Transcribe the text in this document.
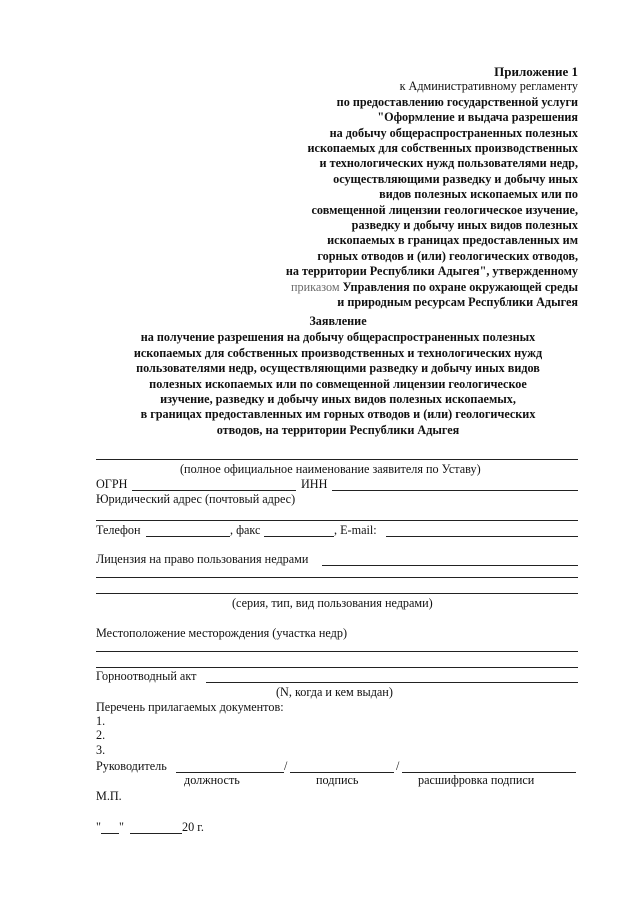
Приложение 1
к Административному регламенту
по предоставлению государственной услуги
"Оформление и выдача разрешения
на добычу общераспространенных полезных
ископаемых для собственных производственных
и технологических нужд пользователями недр,
осуществляющими разведку и добычу иных
видов полезных ископаемых или по
совмещенной лицензии геологическое изучение,
разведку и добычу иных видов полезных
ископаемых в границах предоставленных им
горных отводов и (или) геологических отводов,
на территории Республики Адыгея", утвержденному
приказом Управления по охране окружающей среды
и природным ресурсам Республики Адыгея
Заявление
на получение разрешения на добычу общераспространенных полезных
ископаемых для собственных производственных и технологических нужд
пользователями недр, осуществляющими разведку и добычу иных видов
полезных ископаемых или по совмещенной лицензии геологическое
изучение, разведку и добычу иных видов полезных ископаемых,
в границах предоставленных им горных отводов и (или) геологических
отводов, на территории Республики Адыгея
(полное официальное наименование заявителя по Уставу)
ОГРН	ИНН
Юридический адрес (почтовый адрес)
Телефон	, факс	, E-mail:
Лицензия на право пользования недрами
(серия, тип, вид пользования недрами)
Местоположение месторождения (участка недр)
Горноотводный акт
(N, когда и кем выдан)
Перечень прилагаемых документов:
1.
2.
3.
Руководитель	/	/
должность	подпись	расшифровка подписи
М.П.
" "	20 г.
